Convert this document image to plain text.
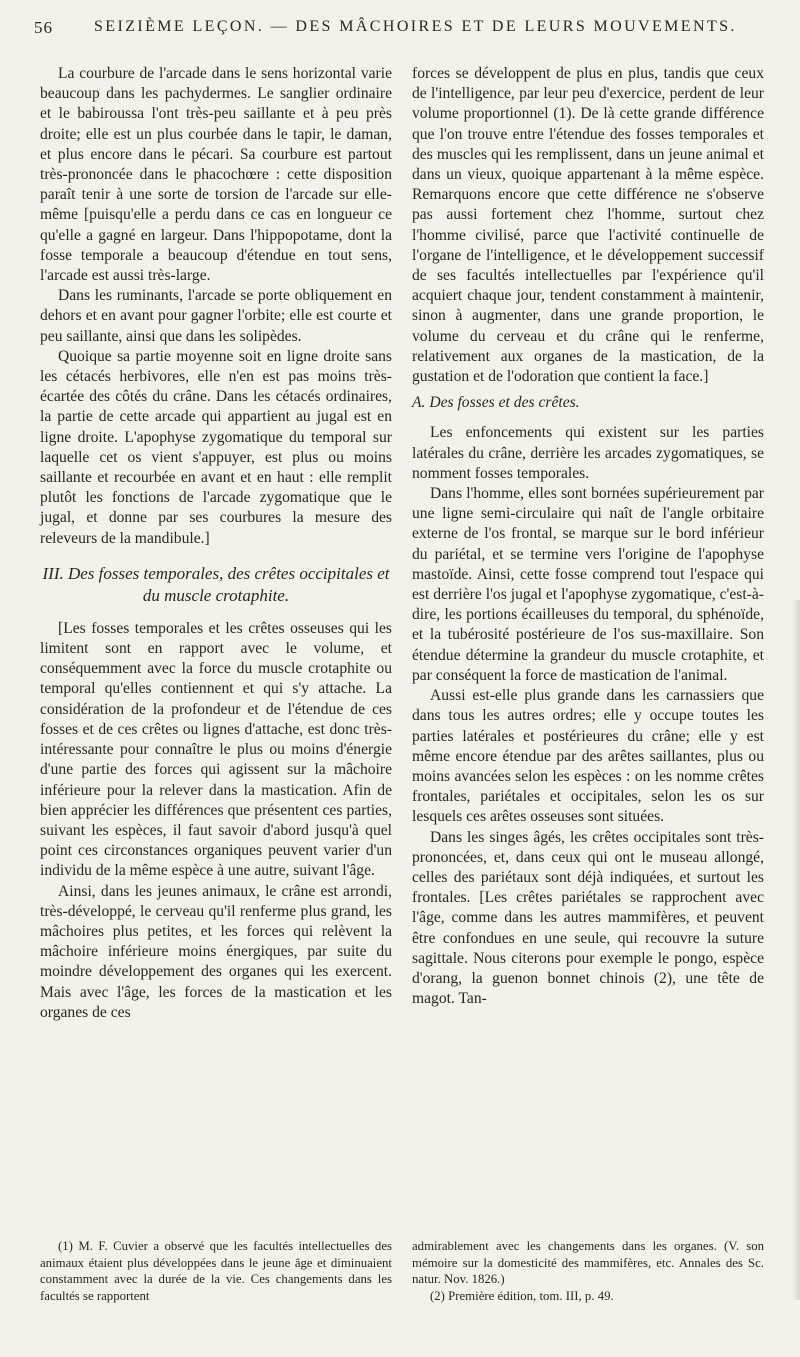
56	SEIZIÈME LEÇON. — DES MÂCHOIRES ET DE LEURS MOUVEMENTS.

La courbure de l'arcade dans le sens horizontal varie beaucoup dans les pachydermes. Le sanglier ordinaire et le babiroussa l'ont très-peu saillante et à peu près droite; elle est un plus courbée dans le tapir, le daman, et plus encore dans le pécari. Sa courbure est partout très-prononcée dans le phacochœre : cette disposition paraît tenir à une sorte de torsion de l'arcade sur elle-même [puisqu'elle a perdu dans ce cas en longueur ce qu'elle a gagné en largeur. Dans l'hippopotame, dont la fosse temporale a beaucoup d'étendue en tout sens, l'arcade est aussi très-large.

Dans les ruminants, l'arcade se porte obliquement en dehors et en avant pour gagner l'orbite; elle est courte et peu saillante, ainsi que dans les solipèdes.

Quoique sa partie moyenne soit en ligne droite sans les cétacés herbivores, elle n'en est pas moins très-écartée des côtés du crâne. Dans les cétacés ordinaires, la partie de cette arcade qui appartient au jugal est en ligne droite. L'apophyse zygomatique du temporal sur laquelle cet os vient s'appuyer, est plus ou moins saillante et recourbée en avant et en haut : elle remplit plutôt les fonctions de l'arcade zygomatique que le jugal, et donne par ses courbures la mesure des releveurs de la mandibule.]

III. Des fosses temporales, des crêtes occipitales et du muscle crotaphite.

[Les fosses temporales et les crêtes osseuses qui les limitent sont en rapport avec le volume, et conséquemment avec la force du muscle crotaphite ou temporal qu'elles contiennent et qui s'y attache. La considération de la profondeur et de l'étendue de ces fosses et de ces crêtes ou lignes d'attache, est donc très-intéressante pour connaître le plus ou moins d'énergie d'une partie des forces qui agissent sur la mâchoire inférieure pour la relever dans la mastication. Afin de bien apprécier les différences que présentent ces parties, suivant les espèces, il faut savoir d'abord jusqu'à quel point ces circonstances organiques peuvent varier d'un individu de la même espèce à une autre, suivant l'âge.

Ainsi, dans les jeunes animaux, le crâne est arrondi, très-développé, le cerveau qu'il renferme plus grand, les mâchoires plus petites, et les forces qui relèvent la mâchoire inférieure moins énergiques, par suite du moindre développement des organes qui les exercent. Mais avec l'âge, les forces de la mastication et les organes de ces

forces se développent de plus en plus, tandis que ceux de l'intelligence, par leur peu d'exercice, perdent de leur volume proportionnel (1). De là cette grande différence que l'on trouve entre l'étendue des fosses temporales et des muscles qui les remplissent, dans un jeune animal et dans un vieux, quoique appartenant à la même espèce. Remarquons encore que cette différence ne s'observe pas aussi fortement chez l'homme, surtout chez l'homme civilisé, parce que l'activité continuelle de l'organe de l'intelligence, et le développement successif de ses facultés intellectuelles par l'expérience qu'il acquiert chaque jour, tendent constamment à maintenir, sinon à augmenter, dans une grande proportion, le volume du cerveau et du crâne qui le renferme, relativement aux organes de la mastication, de la gustation et de l'odoration que contient la face.]

A. Des fosses et des crêtes.

Les enfoncements qui existent sur les parties latérales du crâne, derrière les arcades zygomatiques, se nomment fosses temporales.

Dans l'homme, elles sont bornées supérieurement par une ligne semi-circulaire qui naît de l'angle orbitaire externe de l'os frontal, se marque sur le bord inférieur du pariétal, et se termine vers l'origine de l'apophyse mastoïde. Ainsi, cette fosse comprend tout l'espace qui est derrière l'os jugal et l'apophyse zygomatique, c'est-à-dire, les portions écailleuses du temporal, du sphénoïde, et la tubérosité postérieure de l'os sus-maxillaire. Son étendue détermine la grandeur du muscle crotaphite, et par conséquent la force de mastication de l'animal.

Aussi est-elle plus grande dans les carnassiers que dans tous les autres ordres; elle y occupe toutes les parties latérales et postérieures du crâne; elle y est même encore étendue par des arêtes saillantes, plus ou moins avancées selon les espèces : on les nomme crêtes frontales, pariétales et occipitales, selon les os sur lesquels ces arêtes osseuses sont situées.

Dans les singes âgés, les crêtes occipitales sont très-prononcées, et, dans ceux qui ont le museau allongé, celles des pariétaux sont déjà indiquées, et surtout les frontales. [Les crêtes pariétales se rapprochent avec l'âge, comme dans les autres mammifères, et peuvent être confondues en une seule, qui recouvre la suture sagittale. Nous citerons pour exemple le pongo, espèce d'orang, la guenon bonnet chinois (2), une tête de magot. Tan-

(1) M. F. Cuvier a observé que les facultés intellectuelles des animaux étaient plus développées dans le jeune âge et diminuaient constamment avec la durée de la vie. Ces changements dans les facultés se rapportent

admirablement avec les changements dans les organes. (V. son mémoire sur la domesticité des mammifères, etc. Annales des Sc. natur. Nov. 1826.)

(2) Première édition, tom. III, p. 49.
